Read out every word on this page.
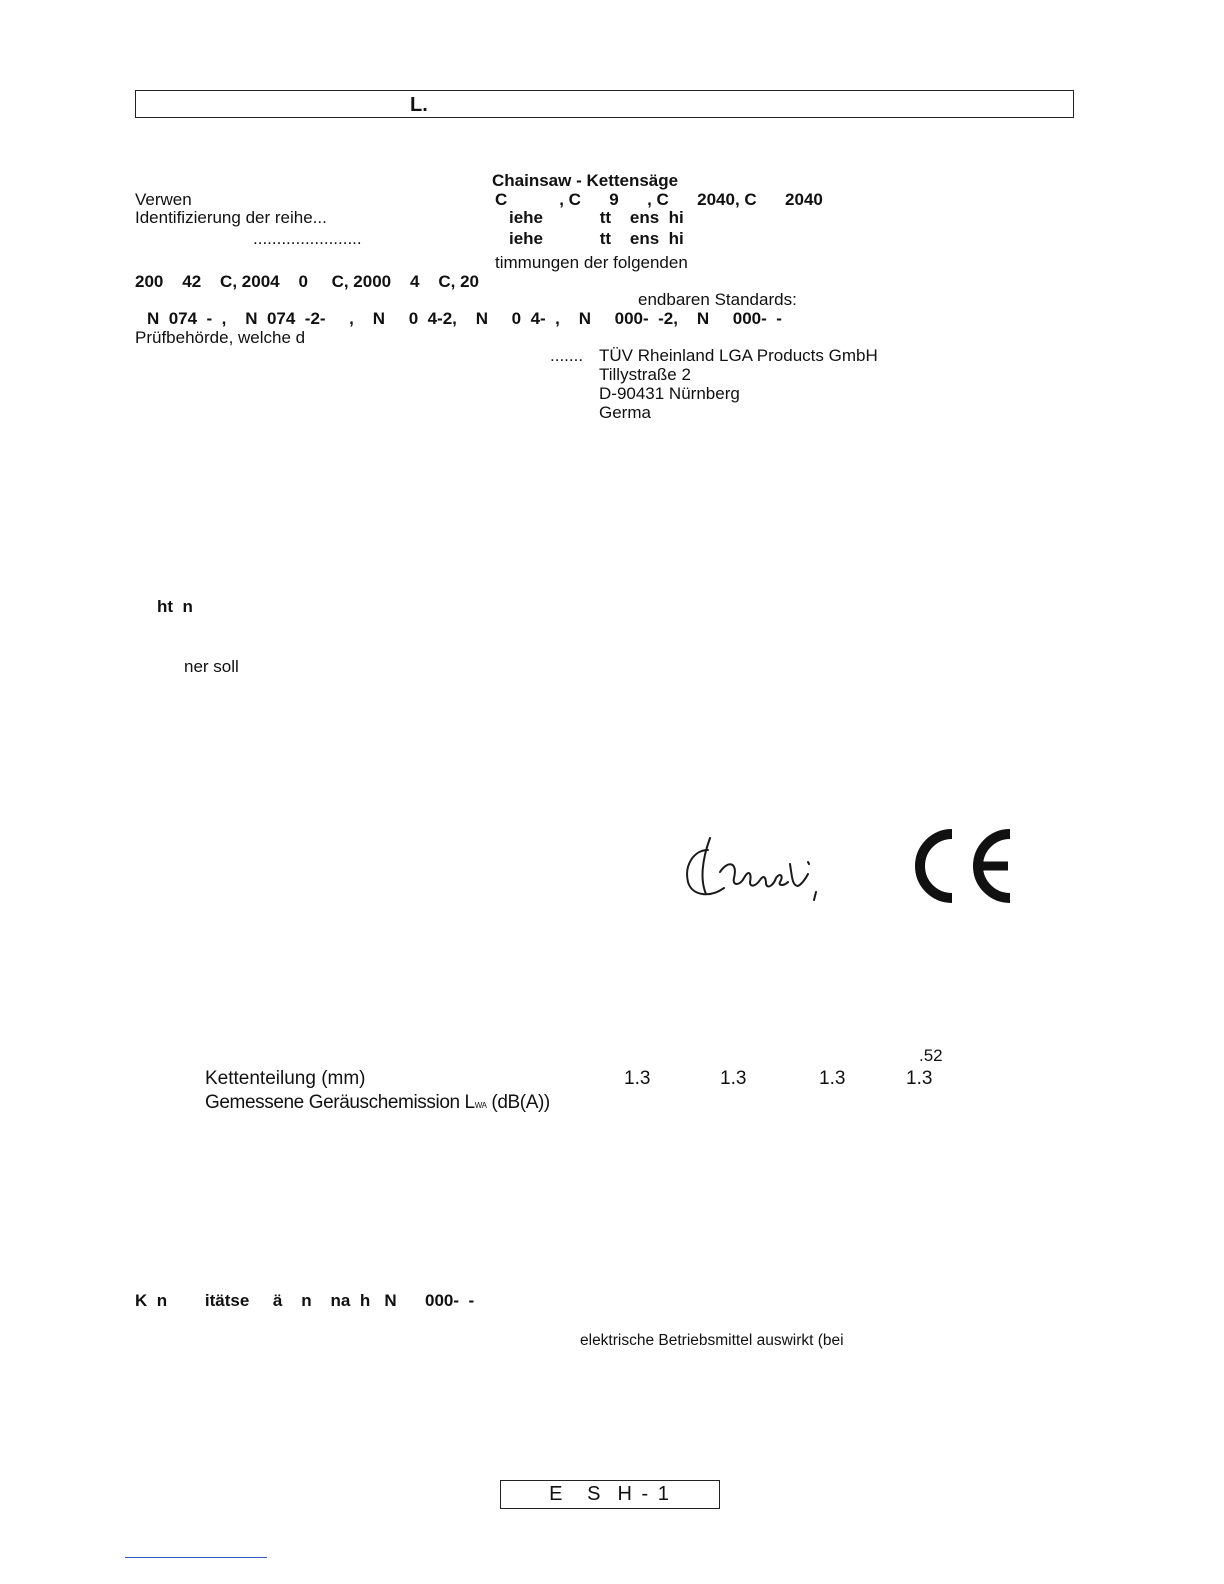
L.
Chainsaw - Kettensäge
Verwen	C           , C      9      , C      2040, C      2040
Identifizierung der reihe...	iehe            tt    ens  hi
.......................	iehe            tt    ens  hi
timmungen der folgenden
200    42    C, 2004    0     C, 2000    4    C, 20
endbaren Standards:
N  074  -  ,    N  074  -2-     ,    N     0  4-2,    N     0  4-  ,    N     000-  -2,    N     000-  -
Prüfbehörde, welche d
....... TÜV Rheinland LGA Products GmbH
Tillystraße 2
D-90431 Nürnberg
Germa
ht  n
ner soll
.52
Kettenteilung (mm)	1.3	1.3	1.3	1.3
Gemessene Geräuschemission LWA (dB(A))
K  n        itätse     ä    n    na  h   N      000-  -
elektrische Betriebsmittel auswirkt (bei
E   S  H - 1
